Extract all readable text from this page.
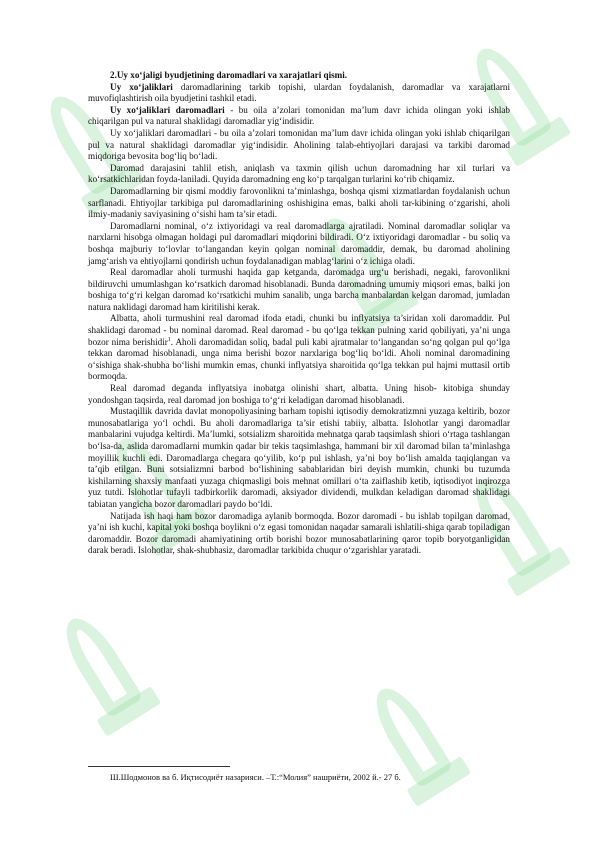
2.Uy xo‘jaligi byudjetining daromadlari va xarajatlari qismi.

Uy xo‘jaliklari daromadlarining tarkib topishi, ulardan foydalanish, daromadlar va xarajatlarni muvofiqlashtirish oila byudjetini tashkil etadi.

Uy xo‘jaliklari daromadlari - bu oila a’zolari tomonidan ma’lum davr ichida olingan yoki ishlab chiqarilgan pul va natural shaklidagi daromadlar yig‘indisidir.

Uy xo‘jaliklari daromadlari - bu oila a’zolari tomonidan ma’lum davr ichida olingan yoki ishlab chiqarilgan pul va natural shaklidagi daromadlar yig‘indisidir. Aholining talab-ehtiyojlari darajasi va tarkibi daromad miqdoriga bevosita bog‘liq bo‘ladi.

Daromad darajasini tahlil etish, aniqlash va taxmin qilish uchun daromadning har xil turlari va ko‘rsatkichlaridan foyda-laniladi. Quyida daromadning eng ko‘p tarqalgan turlarini ko‘rib chiqamiz.

Daromadlarning bir qismi moddiy farovonlikni ta’minlashga, boshqa qismi xizmatlardan foydalanish uchun sarflanadi. Ehtiyojlar tarkibiga pul daromadlarining oshishigina emas, balki aholi tar-kibining o‘zgarishi, aholi ilmiy-madaniy saviyasining o‘sishi ham ta’sir etadi.

Daromadlarni nominal, o‘z ixtiyoridagi va real daromadlarga ajratiladi. Nominal daromadlar soliqlar va narxlarni hisobga olmagan holdagi pul daromadlari miqdorini bildiradi. O‘z ixtiyoridagi daromadlar - bu soliq va boshqa majburiy to‘lovlar to‘langandan keyin qolgan nominal daromaddir, demak, bu daromad aholining jamg‘arish va ehtiyojlarni qondirish uchun foydalanadigan mablag‘larini o‘z ichiga oladi.

Real daromadlar aholi turmushi haqida gap ketganda, daromadga urg‘u berishadi, negaki, farovonlikni bildiruvchi umumlashgan ko‘rsatkich daromad hisoblanadi. Bunda daromadning umumiy miqsori emas, balki jon boshiga to‘g‘ri kelgan daromad ko‘rsatkichi muhim sanalib, unga barcha manbalardan kelgan daromad, jumladan natura naklidagi daromad ham kiritilishi kerak.

Albatta, aholi turmushini real daromad ifoda etadi, chunki bu inflyatsiya ta’siridan xoli daromaddir. Pul shaklidagi daromad - bu nominal daromad. Real daromad - bu qo‘lga tekkan pulning xarid qobiliyati, ya’ni unga bozor nima berishidir$^1$. Aholi daromadidan soliq, badal puli kabi ajratmalar to‘langandan so‘ng qolgan pul qo‘lga tekkan daromad hisoblanadi, unga nima berishi bozor narxlariga bog‘liq bo‘ldi. Aholi nominal daromadining o‘sishiga shak-shubha bo‘lishi mumkin emas, chunki inflyatsiya sharoitida qo‘lga tekkan pul hajmi muttasil ortib bormoqda.

Real daromad deganda inflyatsiya inobatga olinishi shart, albatta. Uning hisob- kitobiga shunday yondoshgan taqsirda, real daromad jon boshiga to‘g‘ri keladigan daromad hisoblanadi.

Mustaqillik davrida davlat monopoliyasining barham topishi iqtisodiy demokratizmni yuzaga keltirib, bozor munosabatlariga yo‘l ochdi. Bu aholi daromadlariga ta’sir etishi tabiiy, albatta. Islohotlar yangi daromadlar manbalarini vujudga keltirdi. Ma’lumki, sotsializm sharoitida mehnatga qarab taqsimlash shiori o‘rtaga tashlangan bo‘lsa-da, aslida daromadlarni mumkin qadar bir tekis taqsimlashga, hammani bir xil daromad bilan ta’minlashga moyillik kuchli edi. Daromadlarga chegara qo‘yilib, ko‘p pul ishlash, ya’ni boy bo‘lish amalda taqiqlangan va ta’qib etilgan. Buni sotsializmni barbod bo‘lishining sabablaridan biri deyish mumkin, chunki bu tuzumda kishilarning shaxsiy manfaati yuzaga chiqmasligi bois mehnat omillari o‘ta zaiflashib ketib, iqtisodiyot inqirozga yuz tutdi. Islohotlar tufayli tadbirkorlik daromadi, aksiyador dividendi, mulkdan keladigan daromad shaklidagi tabiatan yangicha bozor daromadlari paydo bo‘ldi.

Natijada ish haqi ham bozor daromadiga aylanib bormoqda. Bozor daromadi - bu ishlab topilgan daromad, ya’ni ish kuchi, kapital yoki boshqa boylikni o‘z egasi tomonidan naqadar samarali ishlatili-shiga qarab topiladigan daromaddir. Bozor daromadi ahamiyatining ortib borishi bozor munosabatlarining qaror topib boryotganligidan darak beradi. Islohotlar, shak-shubhasiz, daromadlar tarkibida chuqur o‘zgarishlar yaratadi.

Ш.Шодмонов ва б. Иқтисодиёт назарияси. –Т.:“Молия” нашриёти, 2002 й.- 27 б.
